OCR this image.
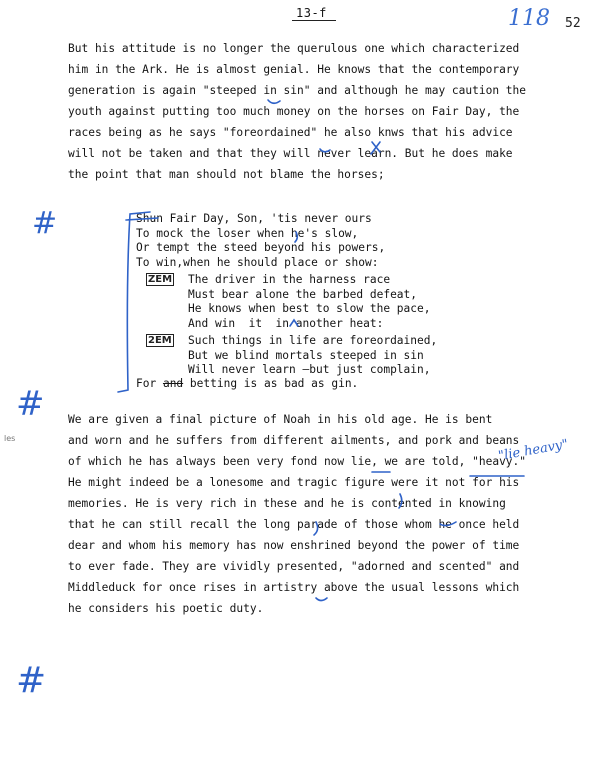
13-f	118 52
But his attitude is no longer the querulous one which characterized
him in the Ark. He is almost genial. He knows that the contemporary
generation is again "steeped in sin" and although he may caution the
youth against putting too much money on the horses on Fair Day, the
races being as he says "foreordained" he also knws that his advice
will not be taken and that they will never learn. But he does make
the point that man should not blame the horses;
Shun Fair Day, Son, 'tis never ours
To mock the loser when he's slow,
Or tempt the steed beyond his powers,
To win,when he should place or show:
ZEM The driver in the harness race
Must bear alone the barbed defeat,
He knows when best to slow the pace,
And win  it  in another heat:
2EM Such things in life are foreordained,
But we blind mortals steeped in sin
Will never learn —but just complain,
For and betting is as bad as gin.
We are given a final picture of Noah in his old age. He is bent
and worn and he suffers from different ailments, and pork and beans
of which he has always been very fond now lie, we are told, "heavy."
He might indeed be a lonesome and tragic figure were it not for his
memories. He is very rich in these and he is contented in knowing
that he can still recall the long parade of those whom he once held
dear and whom his memory has now enshrined beyond the power of time
to ever fade. They are vividly presented, "adorned and scented" and
Middleduck for once rises in artistry above the usual lessons which
he considers his poetic duty.
"lie heavy"
#
#
#
les
